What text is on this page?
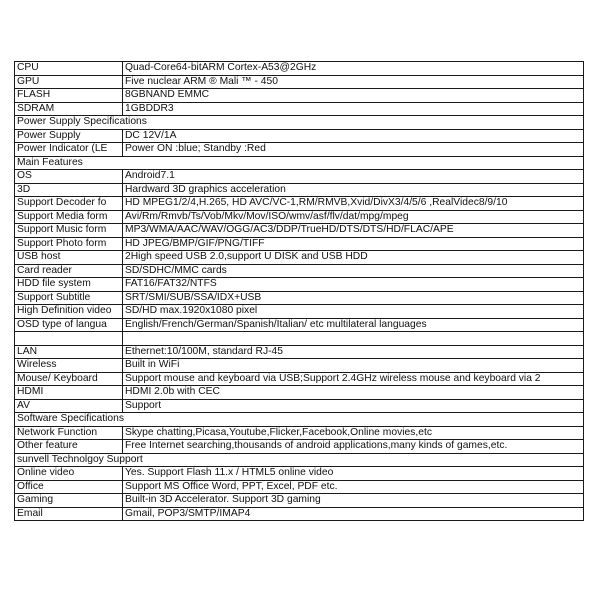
CPU	Quad-Core64-bitARM Cortex-A53@2GHz
GPU	Five nuclear ARM ® Mali ™ - 450
FLASH	8GBNAND EMMC
SDRAM	1GBDDR3
Power Supply Specifications	
Power Supply	DC 12V/1A
Power Indicator (LE	Power ON :blue; Standby :Red
Main Features	
OS	Android7.1
3D	Hardward 3D graphics acceleration
Support Decoder fo	HD MPEG1/2/4,H.265, HD AVC/VC-1,RM/RMVB,Xvid/DivX3/4/5/6 ,RealVidec8/9/10
Support Media form	Avi/Rm/Rmvb/Ts/Vob/Mkv/Mov/ISO/wmv/asf/flv/dat/mpg/mpeg
Support Music form	MP3/WMA/AAC/WAV/OGG/AC3/DDP/TrueHD/DTS/DTS/HD/FLAC/APE
Support Photo form	HD JPEG/BMP/GIF/PNG/TIFF
USB host	2High speed USB 2.0,support U DISK and USB HDD
Card reader	SD/SDHC/MMC cards
HDD file system	FAT16/FAT32/NTFS
Support Subtitle	SRT/SMI/SUB/SSA/IDX+USB
High Definition video	SD/HD max.1920x1080 pixel
OSD type of langua	English/French/German/Spanish/Italian/ etc multilateral languages

LAN	Ethernet:10/100M, standard RJ-45
Wireless	Built in WiFi
Mouse/ Keyboard	Support mouse and keyboard via USB;Support 2.4GHz wireless mouse and keyboard via 2
HDMI	HDMI 2.0b with CEC
AV	Support
Software Specifications	
Network Function	Skype chatting,Picasa,Youtube,Flicker,Facebook,Online movies,etc
Other feature	Free Internet searching,thousands of android applications,many kinds of games,etc.
sunvell Technolgoy Support	
Online video	Yes. Support Flash 11.x / HTML5 online video
Office	Support MS Office Word, PPT, Excel, PDF etc.
Gaming	Built-in 3D Accelerator. Support 3D gaming
Email	Gmail, POP3/SMTP/IMAP4
